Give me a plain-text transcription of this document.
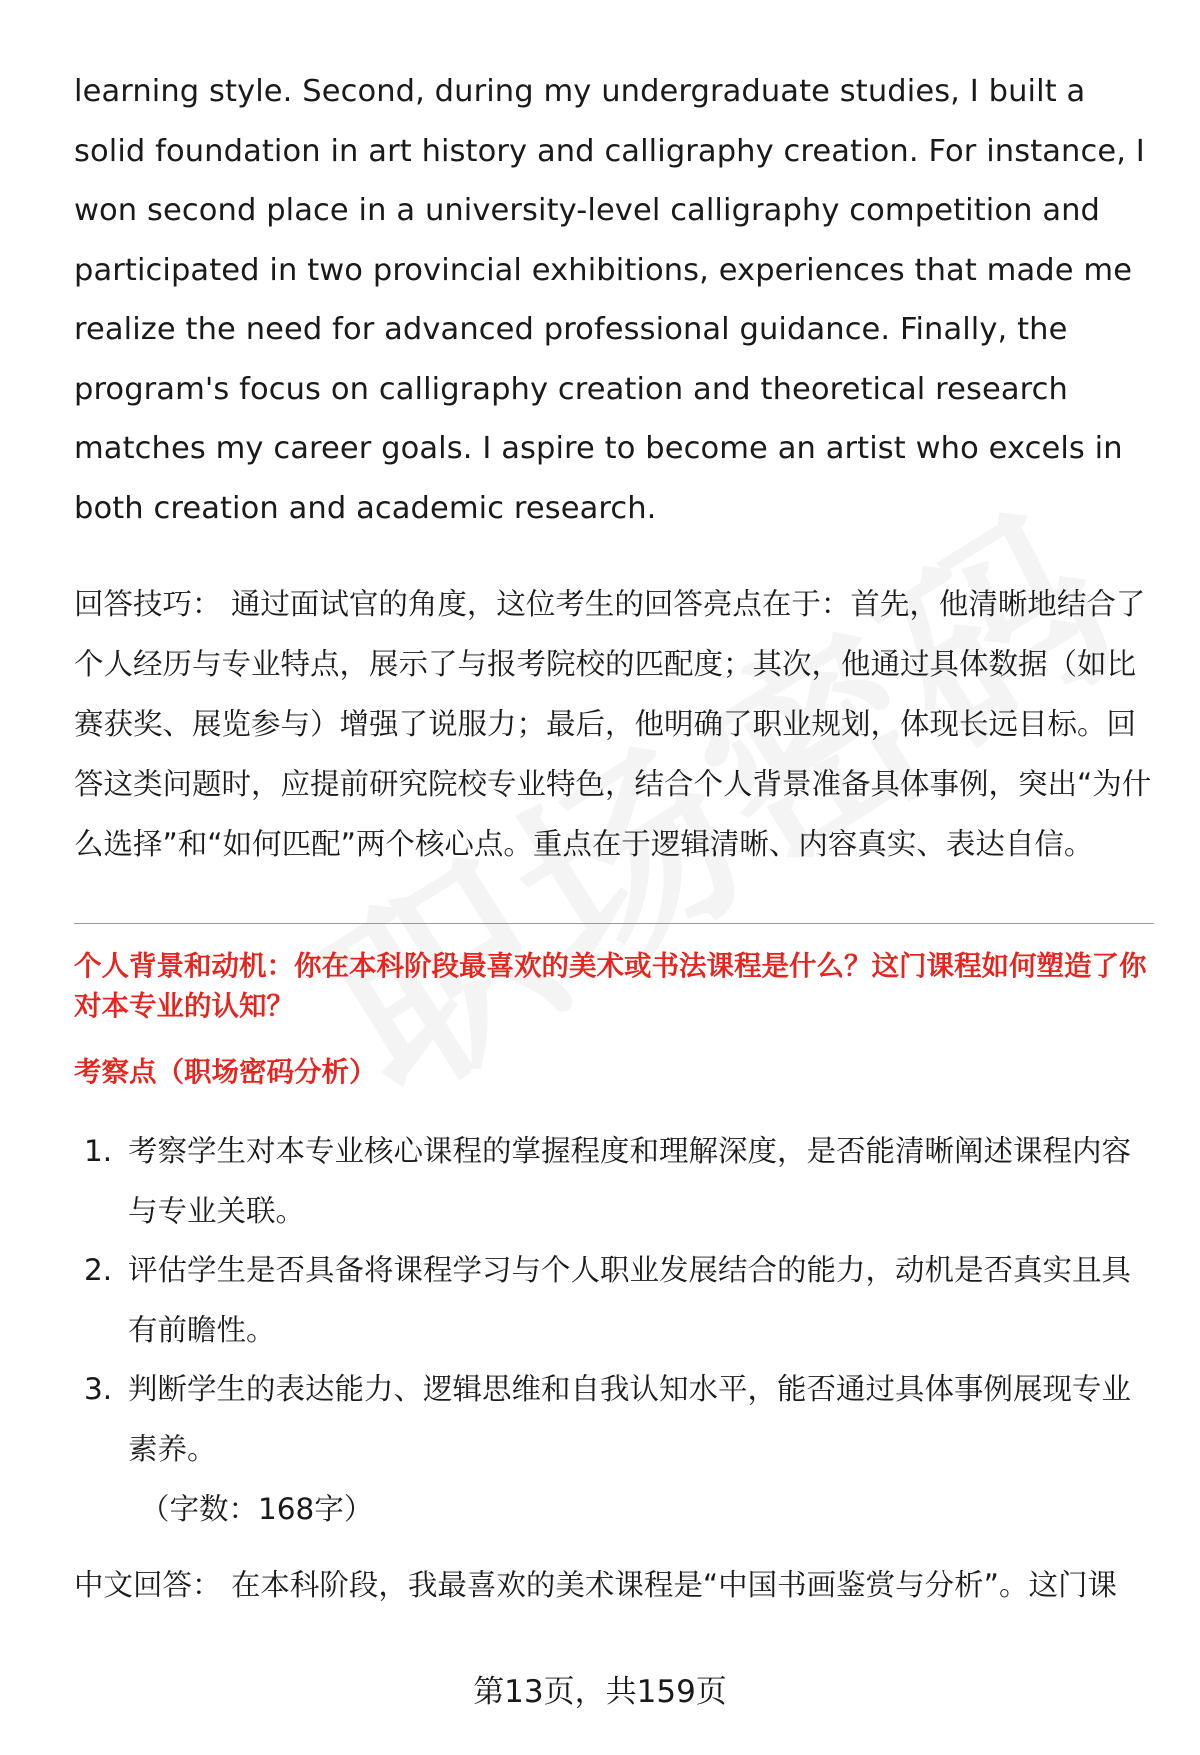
learning style. Second, during my undergraduate studies, I built a solid foundation in art history and calligraphy creation. For instance, I won second place in a university-level calligraphy competition and participated in two provincial exhibitions, experiences that made me realize the need for advanced professional guidance. Finally, the program's focus on calligraphy creation and theoretical research matches my career goals. I aspire to become an artist who excels in both creation and academic research.

回答技巧： 通过面试官的角度，这位考生的回答亮点在于：首先，他清晰地结合了个人经历与专业特点，展示了与报考院校的匹配度；其次，他通过具体数据（如比赛获奖、展览参与）增强了说服力；最后，他明确了职业规划，体现长远目标。回答这类问题时，应提前研究院校专业特色，结合个人背景准备具体事例，突出“为什么选择”和“如何匹配”两个核心点。重点在于逻辑清晰、内容真实、表达自信。

个人背景和动机：你在本科阶段最喜欢的美术或书法课程是什么？这门课程如何塑造了你对本专业的认知？

考察点（职场密码分析）

1. 考察学生对本专业核心课程的掌握程度和理解深度，是否能清晰阐述课程内容与专业关联。
2. 评估学生是否具备将课程学习与个人职业发展结合的能力，动机是否真实且具有前瞻性。
3. 判断学生的表达能力、逻辑思维和自我认知水平，能否通过具体事例展现专业素养。

（字数：168字）

中文回答： 在本科阶段，我最喜欢的美术课程是“中国书画鉴赏与分析”。这门课

第13页，共159页
